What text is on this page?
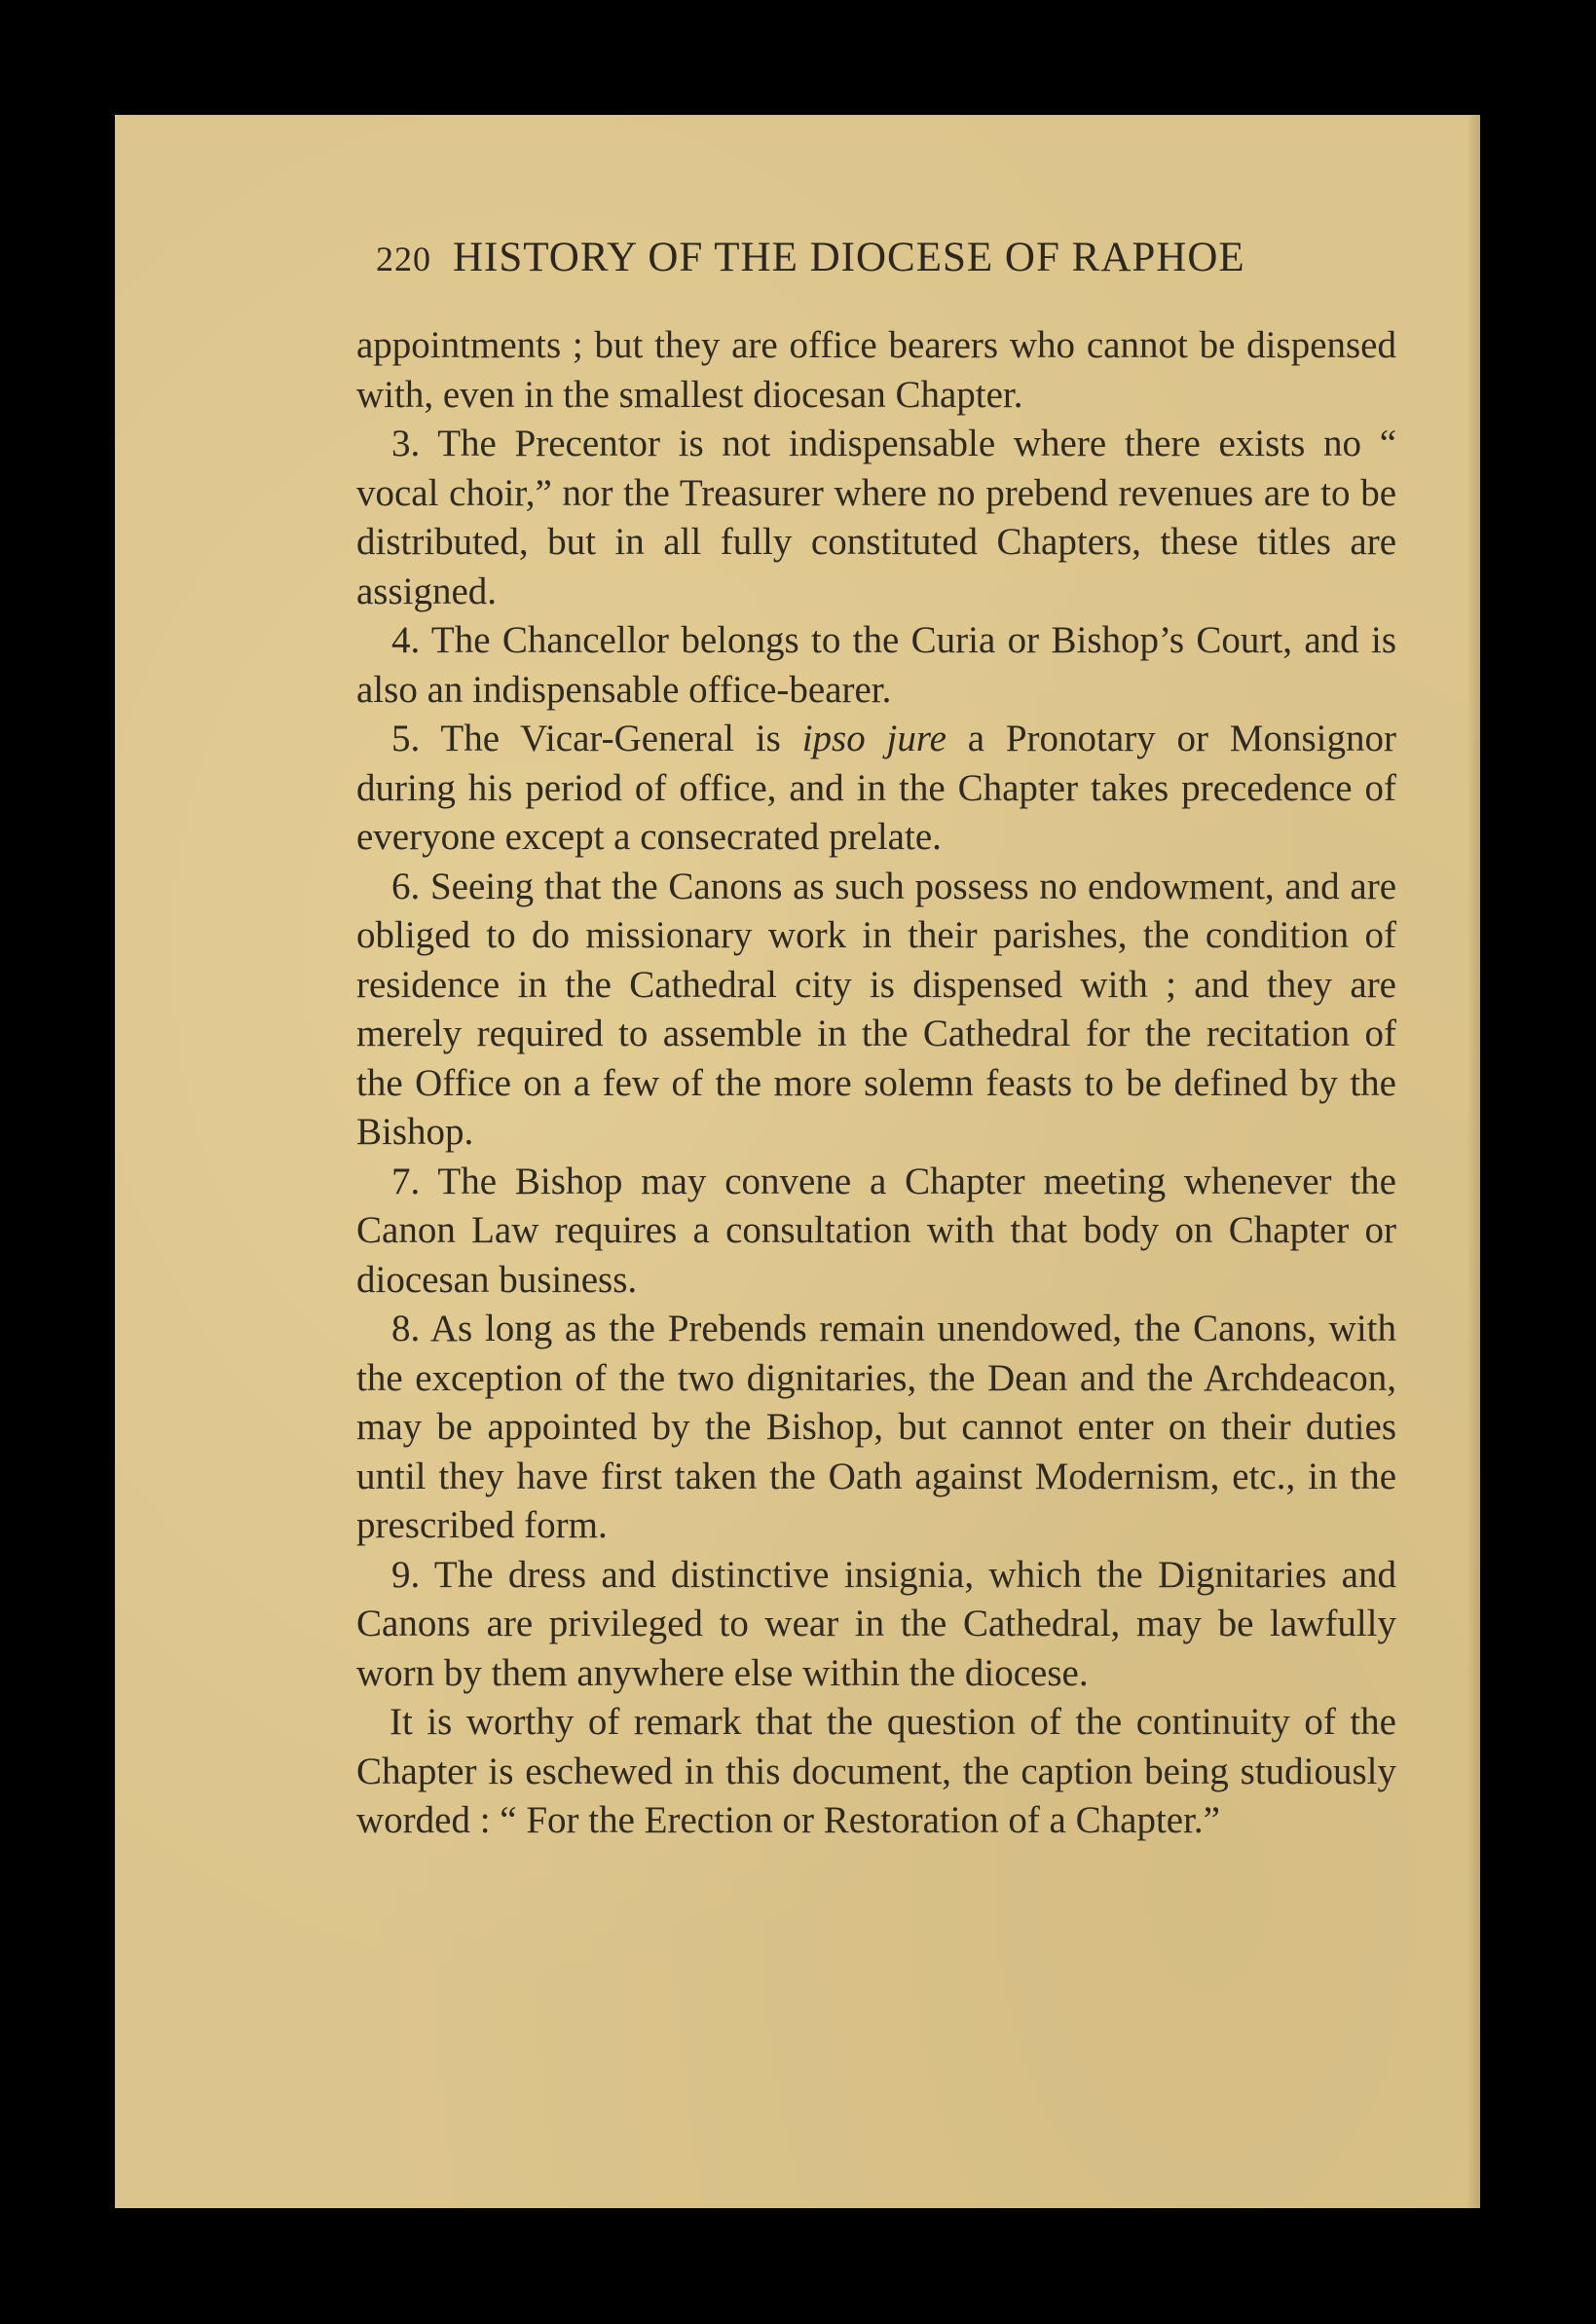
220 HISTORY OF THE DIOCESE OF RAPHOE

appointments ; but they are office bearers who cannot be dispensed with, even in the smallest diocesan Chapter.

3. The Precentor is not indispensable where there exists no “ vocal choir,” nor the Treasurer where no prebend revenues are to be distributed, but in all fully constituted Chapters, these titles are assigned.

4. The Chancellor belongs to the Curia or Bishop’s Court, and is also an indispensable office-bearer.

5. The Vicar-General is ipso jure a Pronotary or Monsignor during his period of office, and in the Chapter takes precedence of everyone except a consecrated prelate.

6. Seeing that the Canons as such possess no endowment, and are obliged to do missionary work in their parishes, the condition of residence in the Cathedral city is dispensed with ; and they are merely required to assemble in the Cathedral for the recitation of the Office on a few of the more solemn feasts to be defined by the Bishop.

7. The Bishop may convene a Chapter meeting whenever the Canon Law requires a consultation with that body on Chapter or diocesan business.

8. As long as the Prebends remain unendowed, the Canons, with the exception of the two dignitaries, the Dean and the Archdeacon, may be appointed by the Bishop, but cannot enter on their duties until they have first taken the Oath against Modernism, etc., in the prescribed form.

9. The dress and distinctive insignia, which the Dignitaries and Canons are privileged to wear in the Cathedral, may be lawfully worn by them anywhere else within the diocese.

It is worthy of remark that the question of the continuity of the Chapter is eschewed in this document, the caption being studiously worded : “ For the Erection or Restoration of a Chapter.”
